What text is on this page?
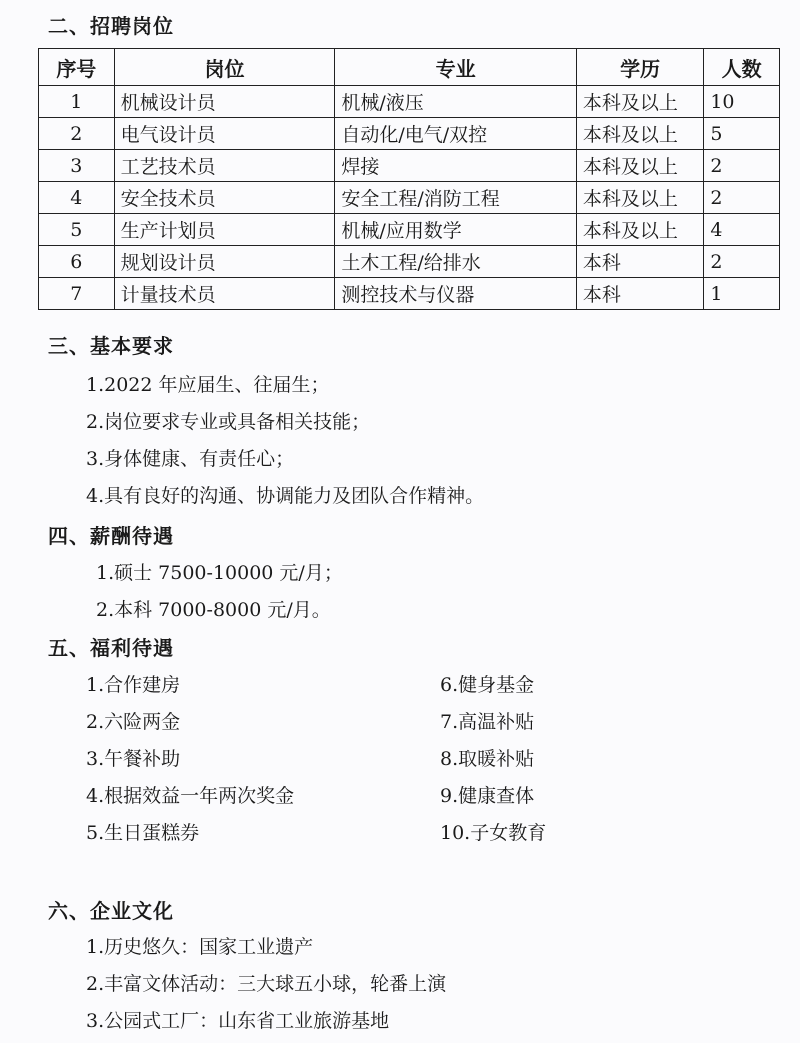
二、招聘岗位
序号	岗位	专业	学历	人数
1	机械设计员	机械/液压	本科及以上	10
2	电气设计员	自动化/电气/双控	本科及以上	5
3	工艺技术员	焊接	本科及以上	2
4	安全技术员	安全工程/消防工程	本科及以上	2
5	生产计划员	机械/应用数学	本科及以上	4
6	规划设计员	土木工程/给排水	本科	2
7	计量技术员	测控技术与仪器	本科	1
三、基本要求
1.2022 年应届生、往届生；
2.岗位要求专业或具备相关技能；
3.身体健康、有责任心；
4.具有良好的沟通、协调能力及团队合作精神。
四、薪酬待遇
1.硕士 7500-10000 元/月；
2.本科 7000-8000 元/月。
五、福利待遇
1.合作建房
2.六险两金
3.午餐补助
4.根据效益一年两次奖金
5.生日蛋糕券
6.健身基金
7.高温补贴
8.取暖补贴
9.健康查体
10.子女教育
六、企业文化
1.历史悠久：国家工业遗产
2.丰富文体活动：三大球五小球，轮番上演
3.公园式工厂：山东省工业旅游基地
